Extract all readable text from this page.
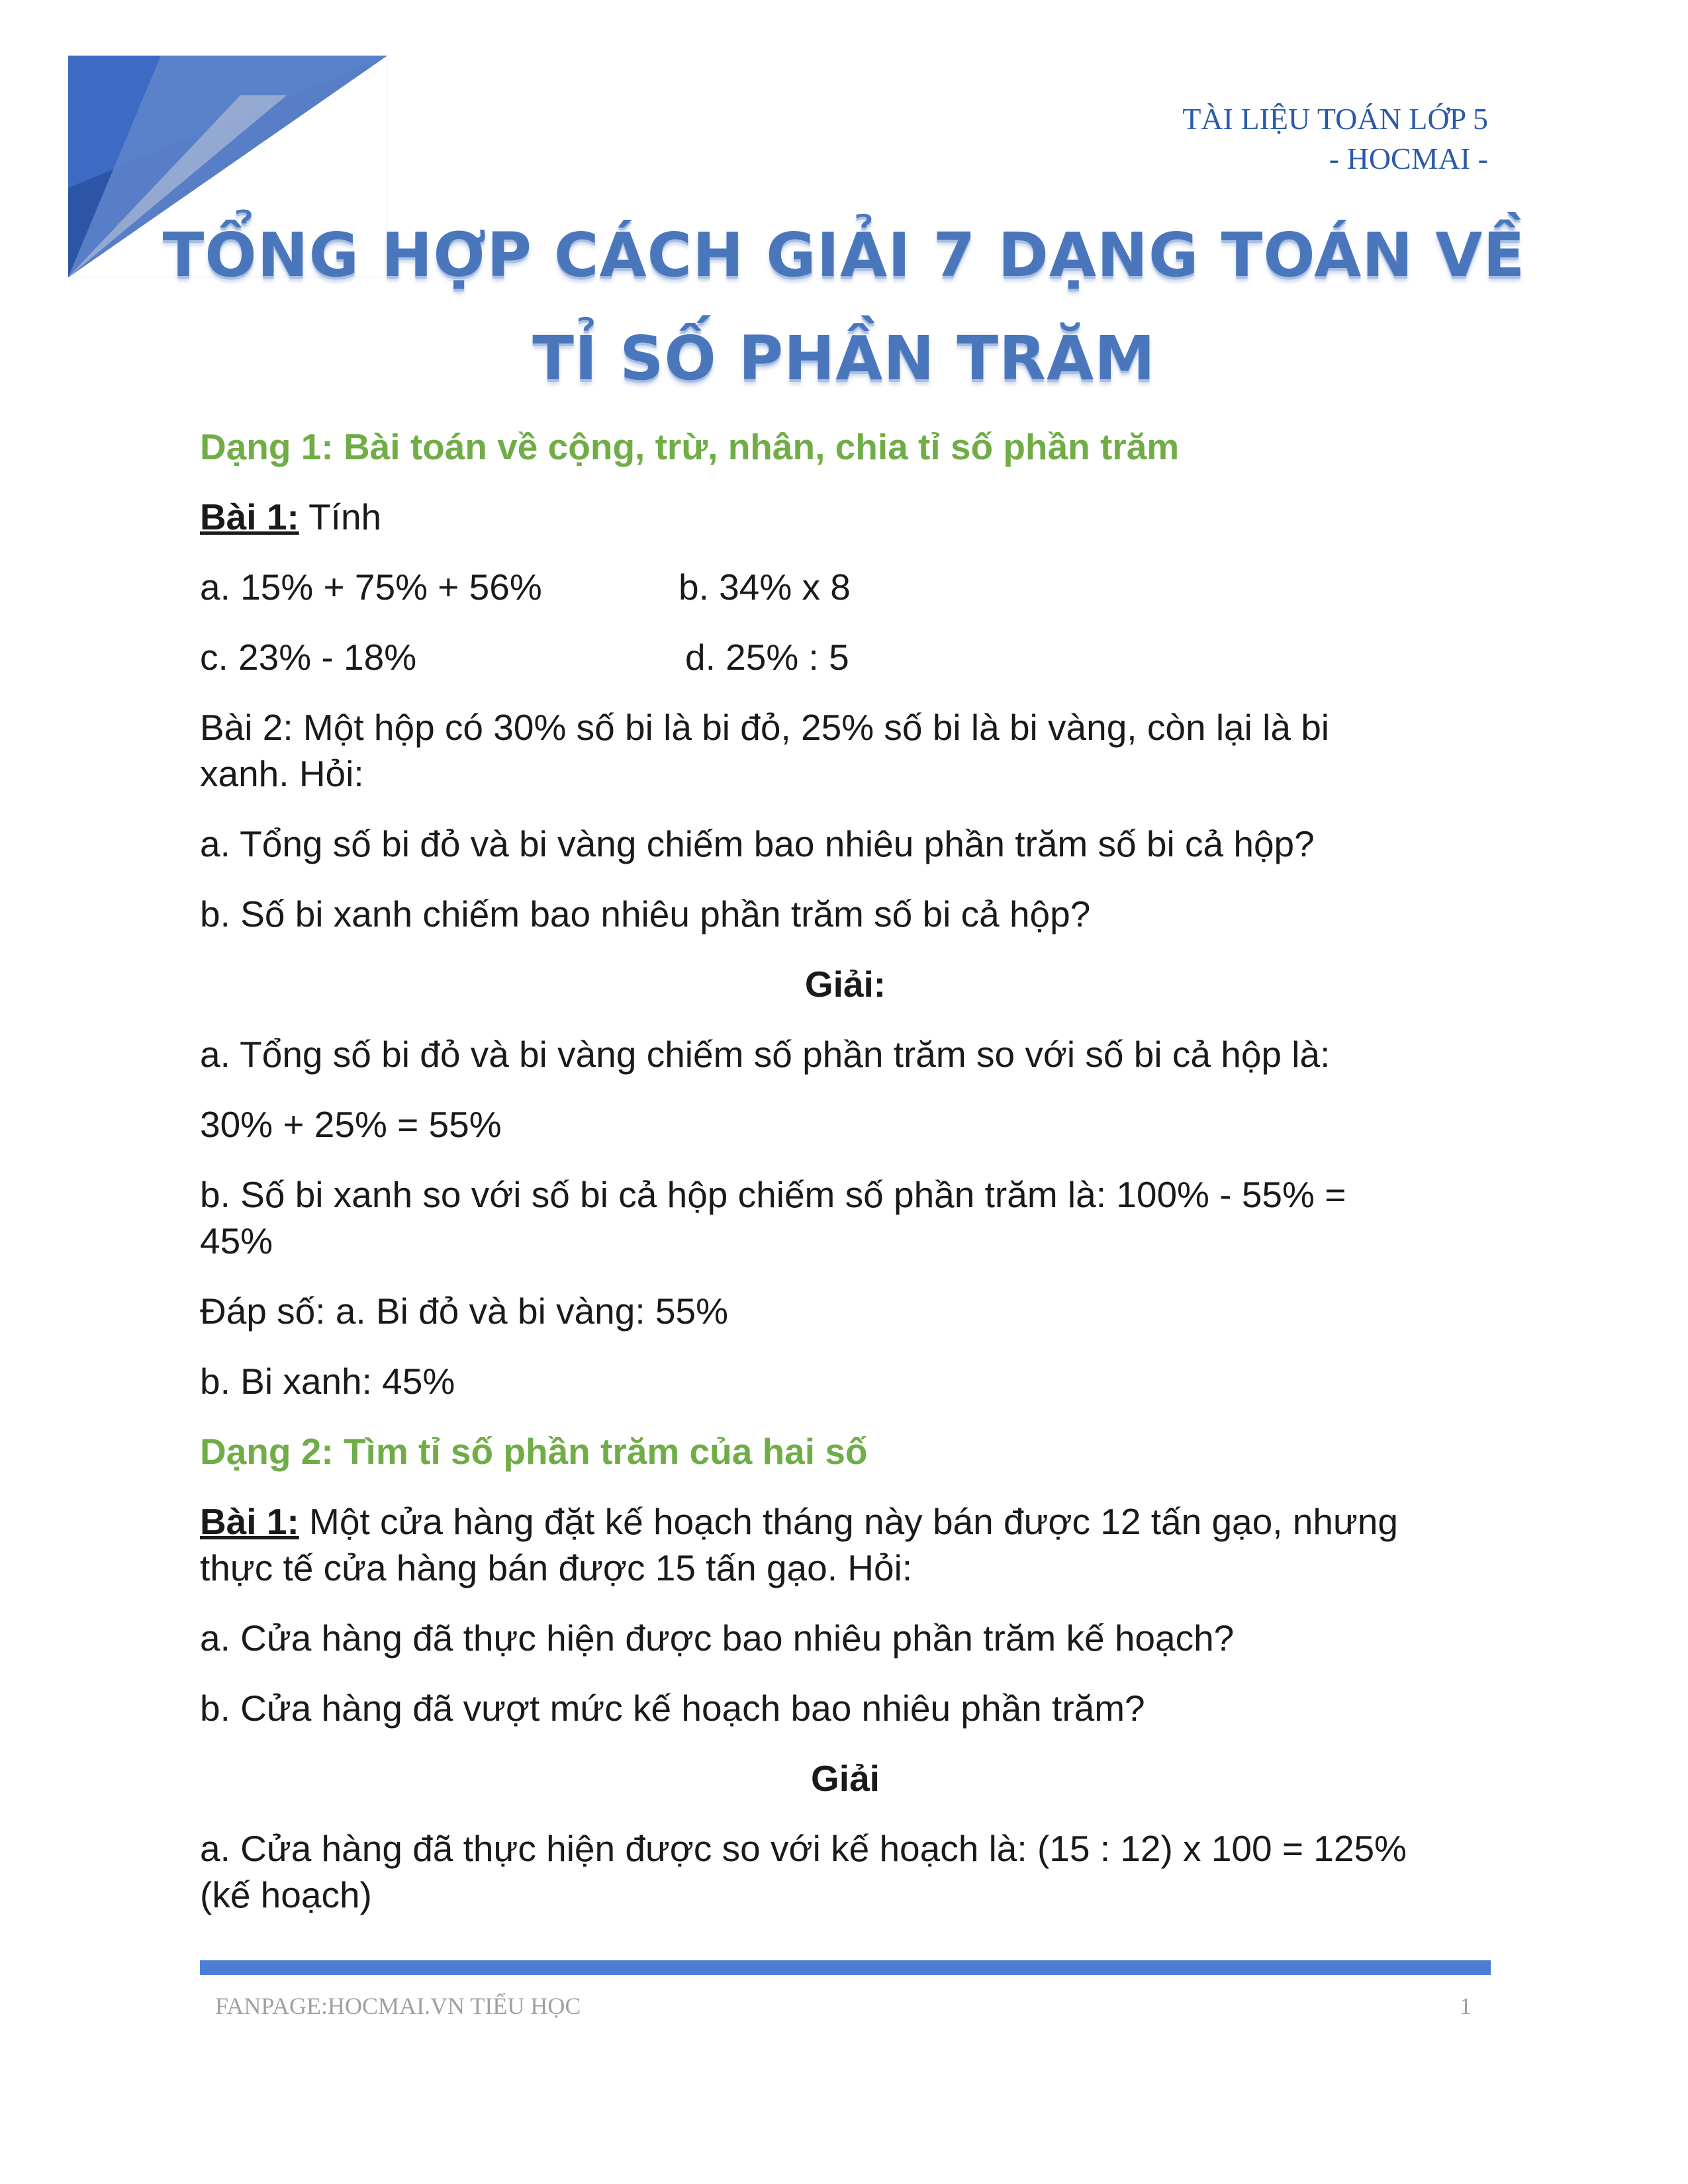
TÀI LIỆU TOÁN LỚP 5
- HOCMAI -
TỔNG HỢP CÁCH GIẢI 7 DẠNG TOÁN VỀ
TỈ SỐ PHẦN TRĂM
Dạng 1: Bài toán về cộng, trừ, nhân, chia tỉ số phần trăm
Bài 1: Tính
a. 15% + 75% + 56%	b. 34% x 8
c. 23% - 18%	d. 25% : 5
Bài 2: Một hộp có 30% số bi là bi đỏ, 25% số bi là bi vàng, còn lại là bi
xanh. Hỏi:
a. Tổng số bi đỏ và bi vàng chiếm bao nhiêu phần trăm số bi cả hộp?
b. Số bi xanh chiếm bao nhiêu phần trăm số bi cả hộp?
Giải:
a. Tổng số bi đỏ và bi vàng chiếm số phần trăm so với số bi cả hộp là:
30% + 25% = 55%
b. Số bi xanh so với số bi cả hộp chiếm số phần trăm là: 100% - 55% =
45%
Đáp số: a. Bi đỏ và bi vàng: 55%
b. Bi xanh: 45%
Dạng 2: Tìm tỉ số phần trăm của hai số
Bài 1: Một cửa hàng đặt kế hoạch tháng này bán được 12 tấn gạo, nhưng
thực tế cửa hàng bán được 15 tấn gạo. Hỏi:
a. Cửa hàng đã thực hiện được bao nhiêu phần trăm kế hoạch?
b. Cửa hàng đã vượt mức kế hoạch bao nhiêu phần trăm?
Giải
a. Cửa hàng đã thực hiện được so với kế hoạch là: (15 : 12) x 100 = 125%
(kế hoạch)
FANPAGE:HOCMAI.VN TIỂU HỌC	1
